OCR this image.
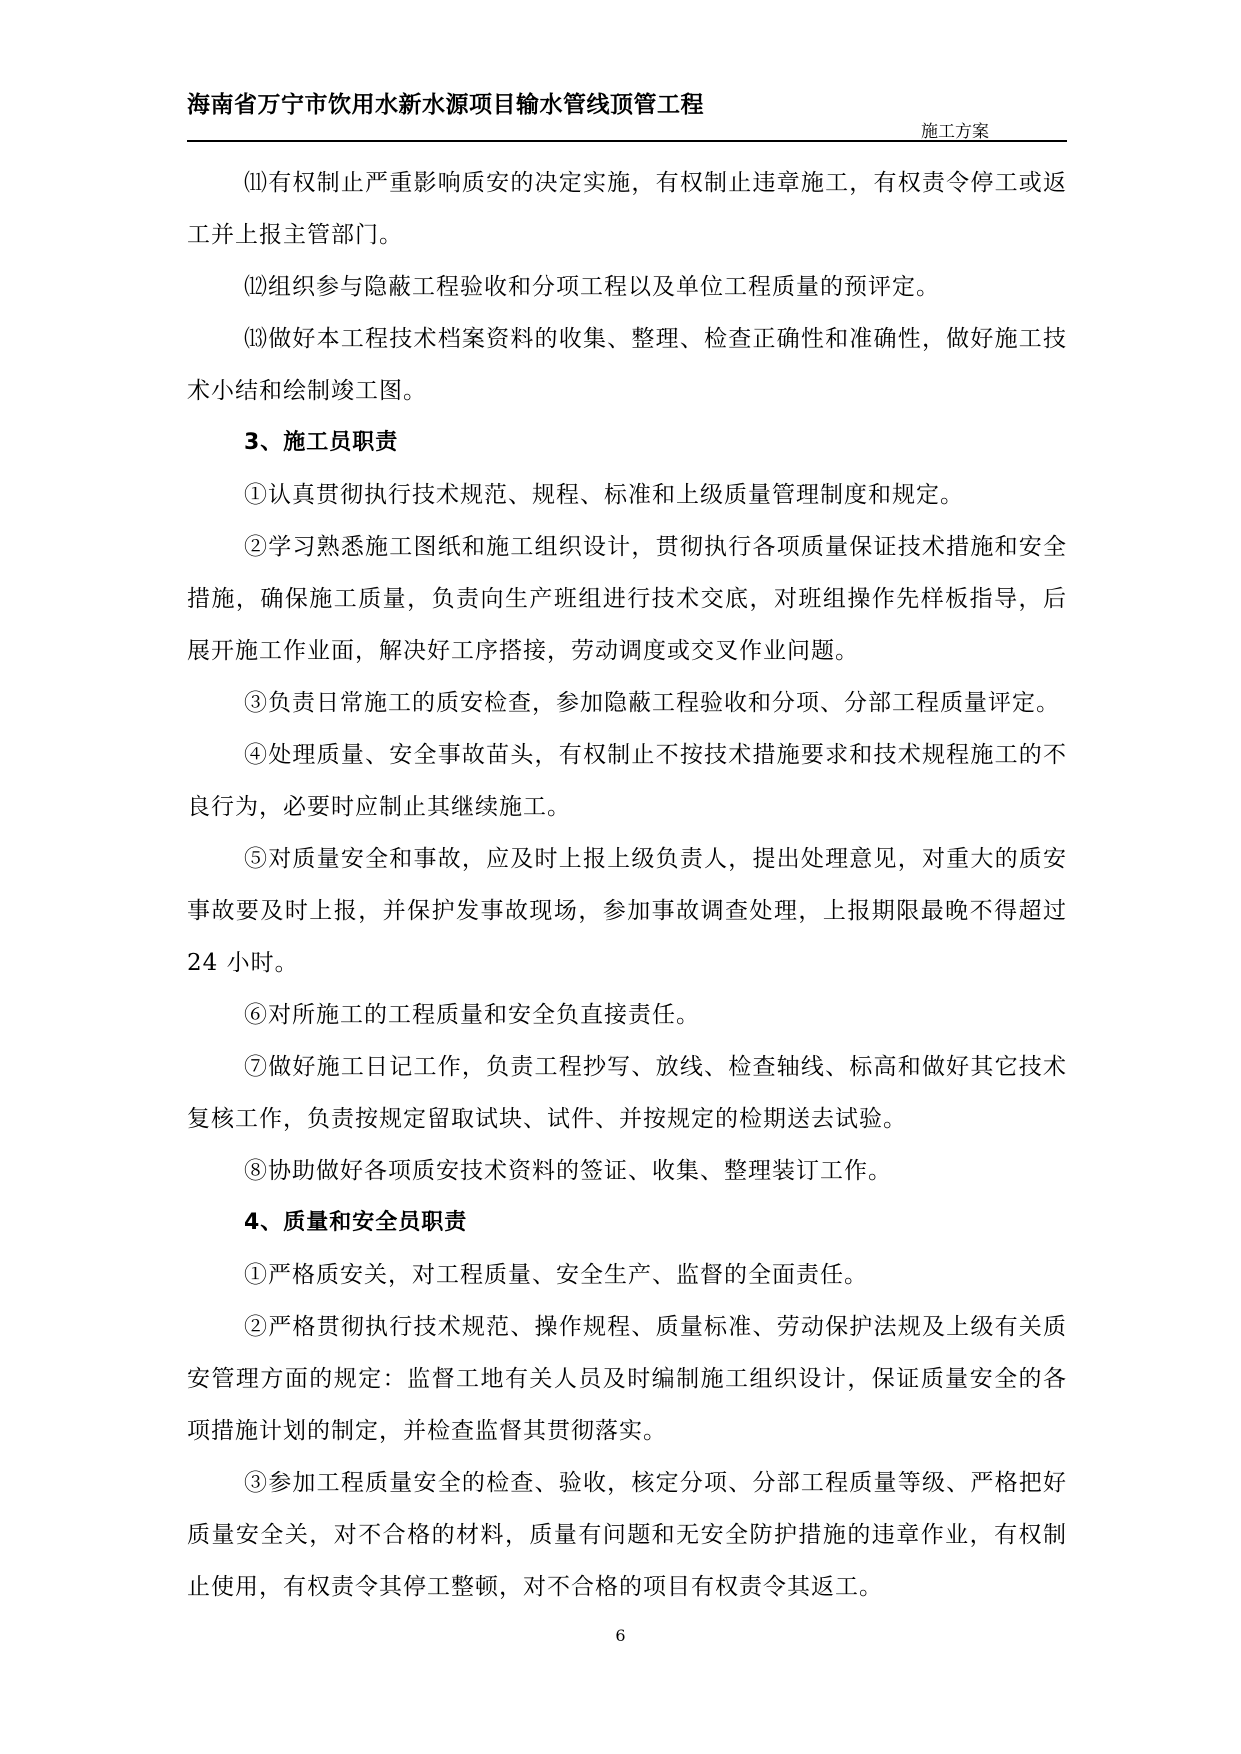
海南省万宁市饮用水新水源项目输水管线顶管工程
施工方案

⑾有权制止严重影响质安的决定实施，有权制止违章施工，有权责令停工或返工并上报主管部门。

⑿组织参与隐蔽工程验收和分项工程以及单位工程质量的预评定。

⒀做好本工程技术档案资料的收集、整理、检查正确性和准确性，做好施工技术小结和绘制竣工图。

3、施工员职责

①认真贯彻执行技术规范、规程、标准和上级质量管理制度和规定。

②学习熟悉施工图纸和施工组织设计，贯彻执行各项质量保证技术措施和安全措施，确保施工质量，负责向生产班组进行技术交底，对班组操作先样板指导，后展开施工作业面，解决好工序搭接，劳动调度或交叉作业问题。

③负责日常施工的质安检查，参加隐蔽工程验收和分项、分部工程质量评定。

④处理质量、安全事故苗头，有权制止不按技术措施要求和技术规程施工的不良行为，必要时应制止其继续施工。

⑤对质量安全和事故，应及时上报上级负责人，提出处理意见，对重大的质安事故要及时上报，并保护发事故现场，参加事故调查处理，上报期限最晚不得超过 24 小时。

⑥对所施工的工程质量和安全负直接责任。

⑦做好施工日记工作，负责工程抄写、放线、检查轴线、标高和做好其它技术复核工作，负责按规定留取试块、试件、并按规定的检期送去试验。

⑧协助做好各项质安技术资料的签证、收集、整理装订工作。

4、质量和安全员职责

①严格质安关，对工程质量、安全生产、监督的全面责任。

②严格贯彻执行技术规范、操作规程、质量标准、劳动保护法规及上级有关质安管理方面的规定：监督工地有关人员及时编制施工组织设计，保证质量安全的各项措施计划的制定，并检查监督其贯彻落实。

③参加工程质量安全的检查、验收，核定分项、分部工程质量等级、严格把好质量安全关，对不合格的材料，质量有问题和无安全防护措施的违章作业，有权制止使用，有权责令其停工整顿，对不合格的项目有权责令其返工。

6
